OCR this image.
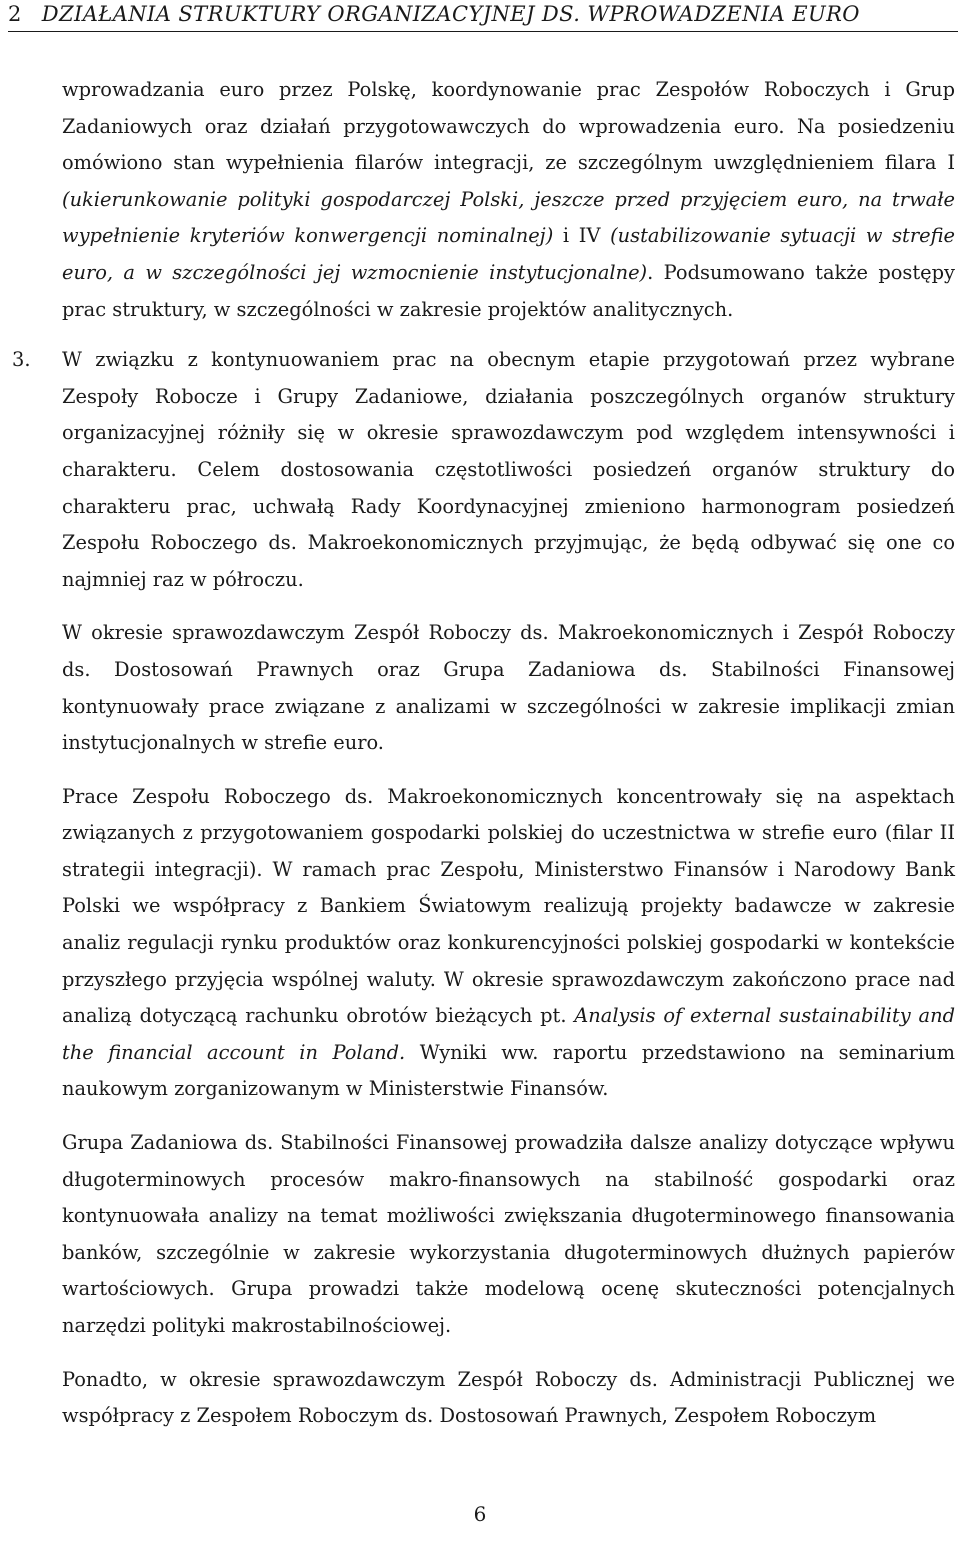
2 DZIAŁANIA STRUKTURY ORGANIZACYJNEJ DS. WPROWADZENIA EURO

wprowadzania euro przez Polskę, koordynowanie prac Zespołów Roboczych i Grup Zadaniowych oraz działań przygotowawczych do wprowadzenia euro. Na posiedzeniu omówiono stan wypełnienia filarów integracji, ze szczególnym uwzględnieniem filara I (ukierunkowanie polityki gospodarczej Polski, jeszcze przed przyjęciem euro, na trwałe wypełnienie kryteriów konwergencji nominalnej) i IV (ustabilizowanie sytuacji w strefie euro, a w szczególności jej wzmocnienie instytucjonalne). Podsumowano także postępy prac struktury, w szczególności w zakresie projektów analitycznych.

3. W związku z kontynuowaniem prac na obecnym etapie przygotowań przez wybrane Zespoły Robocze i Grupy Zadaniowe, działania poszczególnych organów struktury organizacyjnej różniły się w okresie sprawozdawczym pod względem intensywności i charakteru. Celem dostosowania częstotliwości posiedzeń organów struktury do charakteru prac, uchwałą Rady Koordynacyjnej zmieniono harmonogram posiedzeń Zespołu Roboczego ds. Makroekonomicznych przyjmując, że będą odbywać się one co najmniej raz w półroczu.

W okresie sprawozdawczym Zespół Roboczy ds. Makroekonomicznych i Zespół Roboczy ds. Dostosowań Prawnych oraz Grupa Zadaniowa ds. Stabilności Finansowej kontynuowały prace związane z analizami w szczególności w zakresie implikacji zmian instytucjonalnych w strefie euro.

Prace Zespołu Roboczego ds. Makroekonomicznych koncentrowały się na aspektach związanych z przygotowaniem gospodarki polskiej do uczestnictwa w strefie euro (filar II strategii integracji). W ramach prac Zespołu, Ministerstwo Finansów i Narodowy Bank Polski we współpracy z Bankiem Światowym realizują projekty badawcze w zakresie analiz regulacji rynku produktów oraz konkurencyjności polskiej gospodarki w kontekście przyszłego przyjęcia wspólnej waluty. W okresie sprawozdawczym zakończono prace nad analizą dotyczącą rachunku obrotów bieżących pt. Analysis of external sustainability and the financial account in Poland. Wyniki ww. raportu przedstawiono na seminarium naukowym zorganizowanym w Ministerstwie Finansów.

Grupa Zadaniowa ds. Stabilności Finansowej prowadziła dalsze analizy dotyczące wpływu długoterminowych procesów makro-finansowych na stabilność gospodarki oraz kontynuowała analizy na temat możliwości zwiększania długoterminowego finansowania banków, szczególnie w zakresie wykorzystania długoterminowych dłużnych papierów wartościowych. Grupa prowadzi także modelową ocenę skuteczności potencjalnych narzędzi polityki makrostabilnościowej.

Ponadto, w okresie sprawozdawczym Zespół Roboczy ds. Administracji Publicznej we współpracy z Zespołem Roboczym ds. Dostosowań Prawnych, Zespołem Roboczym

6
